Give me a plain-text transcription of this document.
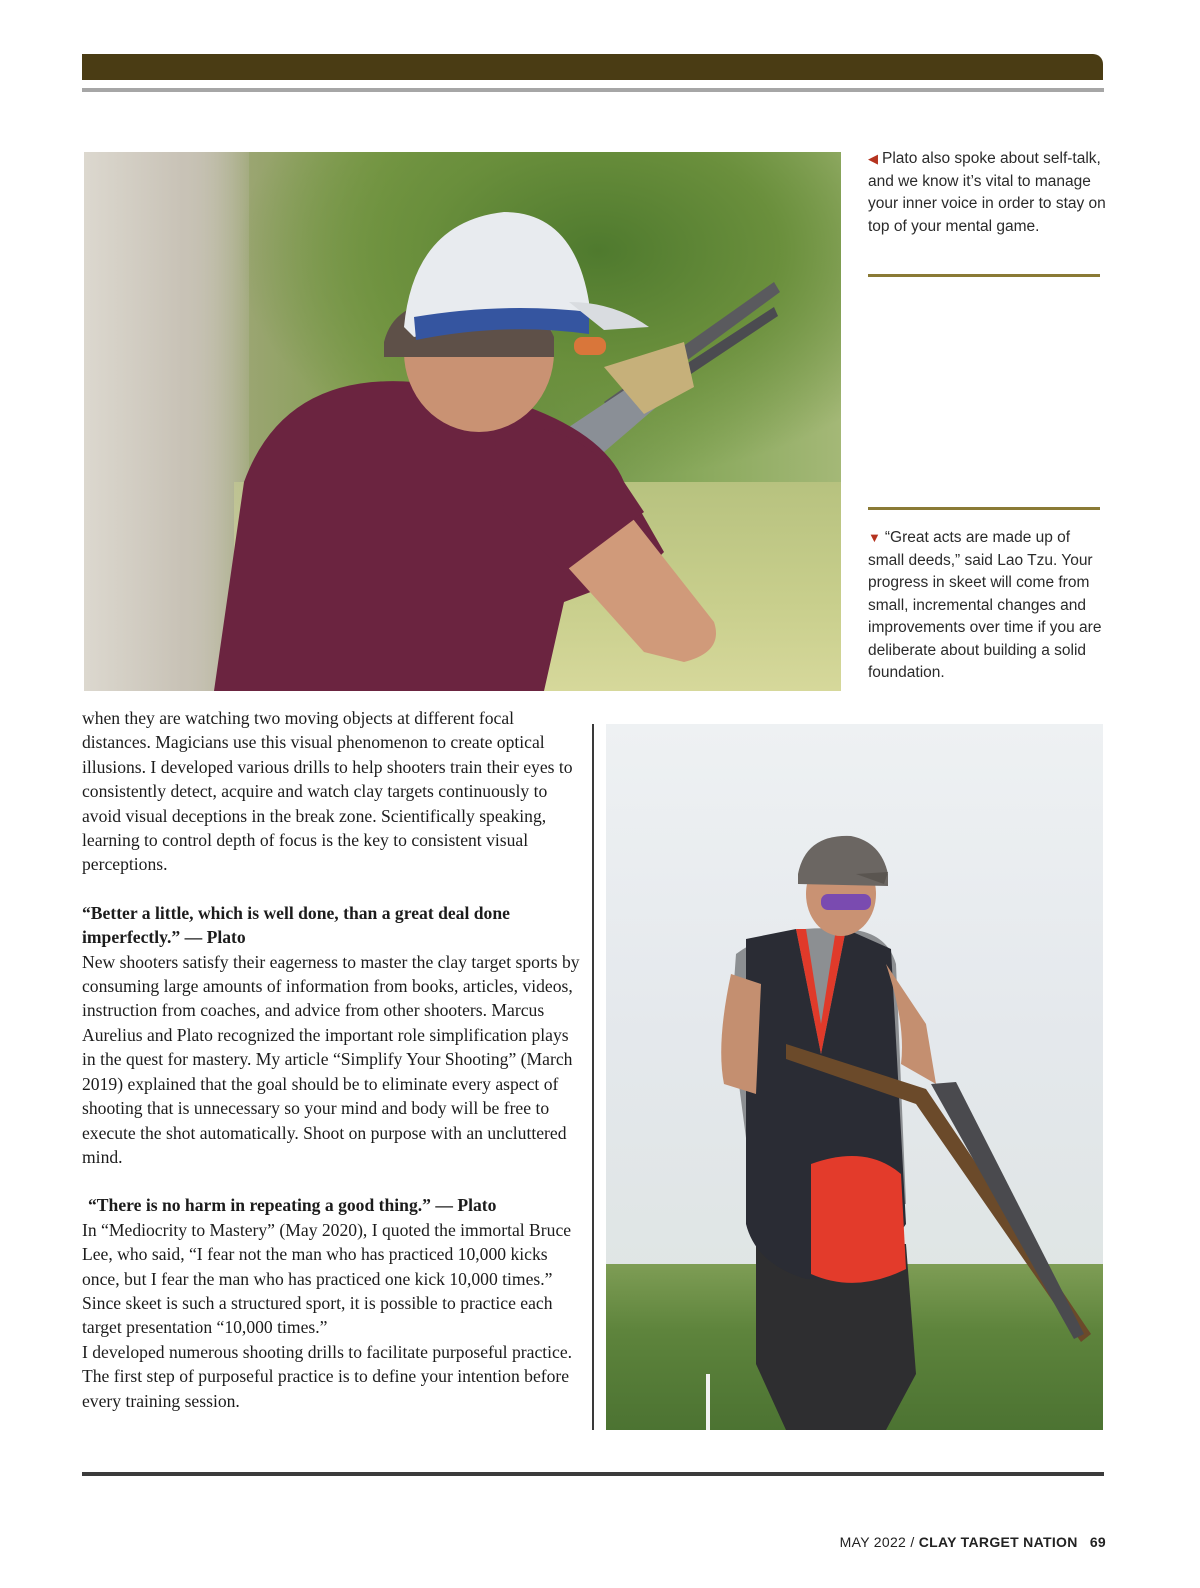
◀ Plato also spoke about self-talk, and we know it’s vital to manage your inner voice in order to stay on top of your mental game.
▼ “Great acts are made up of small deeds,” said Lao Tzu. Your progress in skeet will come from small, incremental changes and improvements over time if you are deliberate about building a solid foundation.

when they are watching two moving objects at different focal distances. Magicians use this visual phenomenon to create optical illusions. I developed various drills to help shooters train their eyes to consistently detect, acquire and watch clay targets continuously to avoid visual deceptions in the break zone. Scientifically speaking, learning to control depth of focus is the key to consistent visual perceptions.

“Better a little, which is well done, than a great deal done imperfectly.” — Plato

New shooters satisfy their eagerness to master the clay target sports by consuming large amounts of information from books, articles, videos, instruction from coaches, and advice from other shooters. Marcus Aurelius and Plato recognized the important role simplification plays in the quest for mastery. My article “Simplify Your Shooting” (March 2019) explained that the goal should be to eliminate every aspect of shooting that is unnecessary so your mind and body will be free to execute the shot automatically. Shoot on purpose with an uncluttered mind.

“There is no harm in repeating a good thing.” — Plato

In “Mediocrity to Mastery” (May 2020), I quoted the immortal Bruce Lee, who said, “I fear not the man who has practiced 10,000 kicks once, but I fear the man who has practiced one kick 10,000 times.” Since skeet is such a structured sport, it is possible to practice each target presentation “10,000 times.”

I developed numerous shooting drills to facilitate purposeful practice. The first step of purposeful practice is to define your intention before every training session.

MAY 2022 / CLAY TARGET NATION 69
